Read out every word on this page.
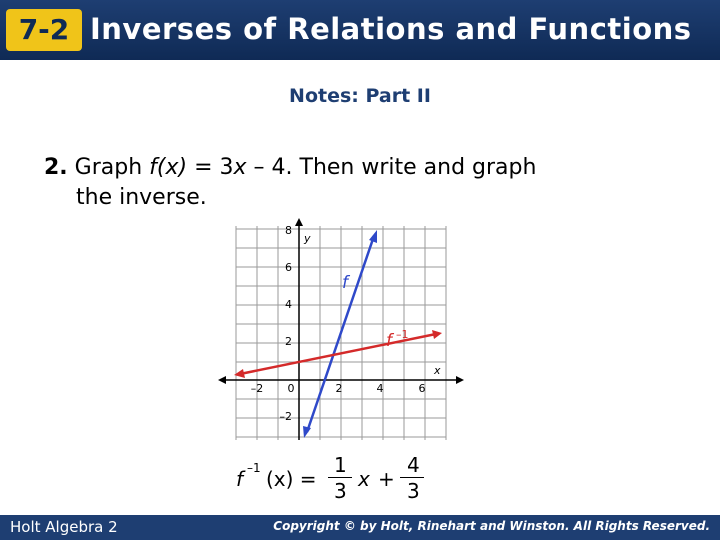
7-2 Inverses of Relations and Functions
Notes: Part II
2. Graph f(x) = 3x – 4. Then write and graph
the inverse.
x
y
–2 0	2	4	6
8
6
4
2
–2
f
f –1
f –1 (x) =
1
3 x +
4
3
Holt Algebra 2	Copyright © by Holt, Rinehart and Winston. All Rights Reserved.
